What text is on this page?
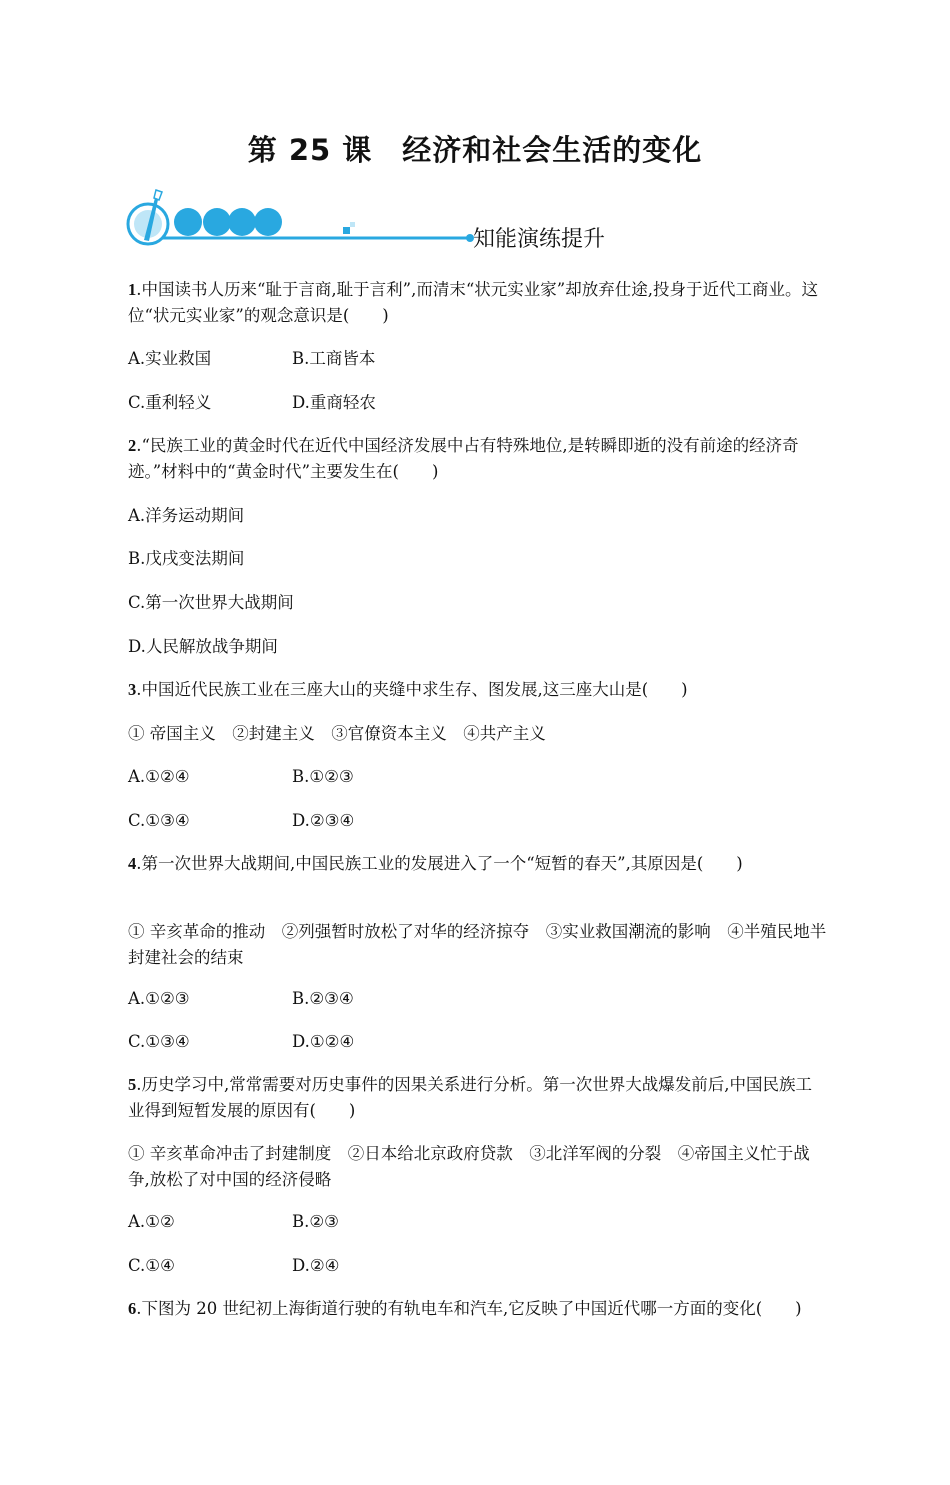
第 25 课　经济和社会生活的变化
知能演练提升
1.中国读书人历来“耻于言商,耻于言利”,而清末“状元实业家”却放弃仕途,投身于近代工商业。这位“状元实业家”的观念意识是(　　)
A.实业救国	B.工商皆本
C.重利轻义	D.重商轻农
2.“民族工业的黄金时代在近代中国经济发展中占有特殊地位,是转瞬即逝的没有前途的经济奇迹。”材料中的“黄金时代”主要发生在(　　)
A.洋务运动期间
B.戊戌变法期间
C.第一次世界大战期间
D.人民解放战争期间
3.中国近代民族工业在三座大山的夹缝中求生存、图发展,这三座大山是(　　)
① 帝国主义　②封建主义　③官僚资本主义　④共产主义
A.①②④	B.①②③
C.①③④	D.②③④
4.第一次世界大战期间,中国民族工业的发展进入了一个“短暂的春天”,其原因是(　　)
① 辛亥革命的推动　②列强暂时放松了对华的经济掠夺　③实业救国潮流的影响　④半殖民地半封建社会的结束
A.①②③	B.②③④
C.①③④	D.①②④
5.历史学习中,常常需要对历史事件的因果关系进行分析。第一次世界大战爆发前后,中国民族工业得到短暂发展的原因有(　　)
① 辛亥革命冲击了封建制度　②日本给北京政府贷款　③北洋军阀的分裂　④帝国主义忙于战争,放松了对中国的经济侵略
A.①②	B.②③
C.①④	D.②④
6.下图为 20 世纪初上海街道行驶的有轨电车和汽车,它反映了中国近代哪一方面的变化(　　)
